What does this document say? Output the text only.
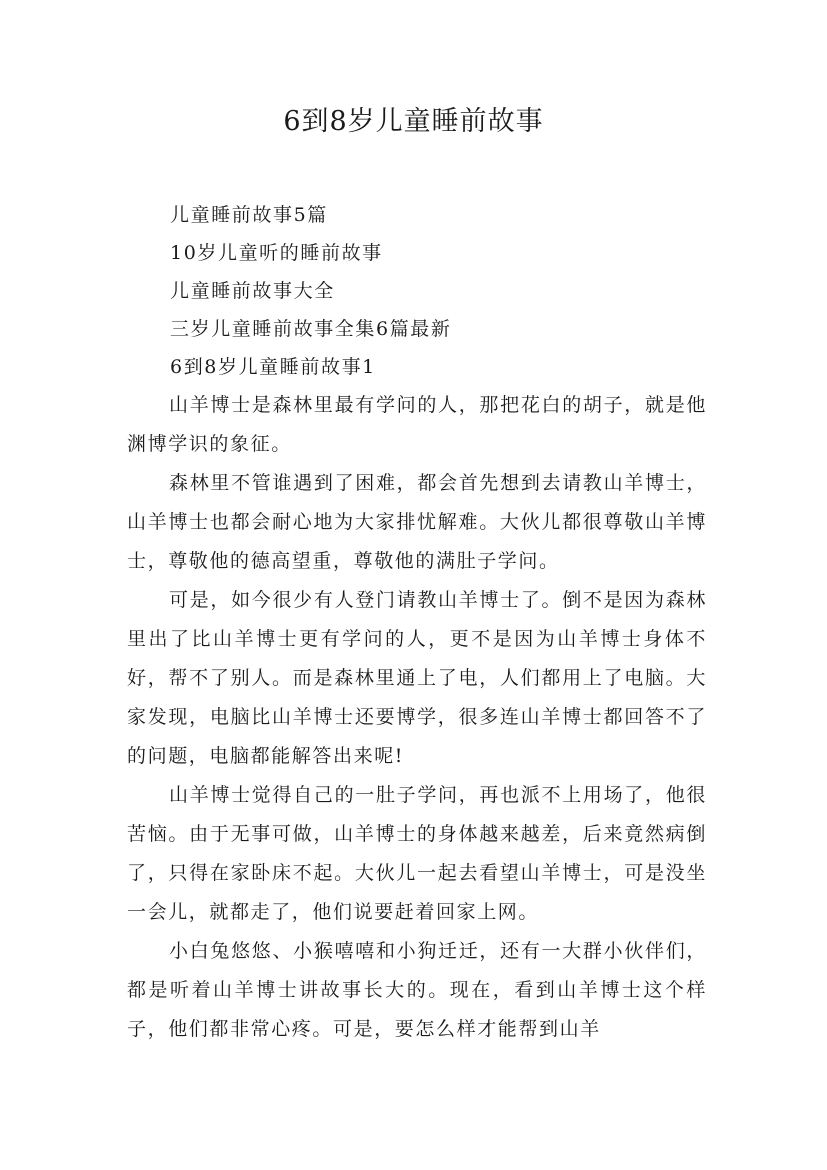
6到8岁儿童睡前故事
儿童睡前故事5篇
10岁儿童听的睡前故事
儿童睡前故事大全
三岁儿童睡前故事全集6篇最新
6到8岁儿童睡前故事1

山羊博士是森林里最有学问的人，那把花白的胡子，就是他渊博学识的象征。

森林里不管谁遇到了困难，都会首先想到去请教山羊博士，山羊博士也都会耐心地为大家排忧解难。大伙儿都很尊敬山羊博士，尊敬他的德高望重，尊敬他的满肚子学问。

可是，如今很少有人登门请教山羊博士了。倒不是因为森林里出了比山羊博士更有学问的人，更不是因为山羊博士身体不好，帮不了别人。而是森林里通上了电，人们都用上了电脑。大家发现，电脑比山羊博士还要博学，很多连山羊博士都回答不了的问题，电脑都能解答出来呢!

山羊博士觉得自己的一肚子学问，再也派不上用场了，他很苦恼。由于无事可做，山羊博士的身体越来越差，后来竟然病倒了，只得在家卧床不起。大伙儿一起去看望山羊博士，可是没坐一会儿，就都走了，他们说要赶着回家上网。

小白兔悠悠、小猴嘻嘻和小狗迁迁，还有一大群小伙伴们，都是听着山羊博士讲故事长大的。现在，看到山羊博士这个样子，他们都非常心疼。可是，要怎么样才能帮到山羊
